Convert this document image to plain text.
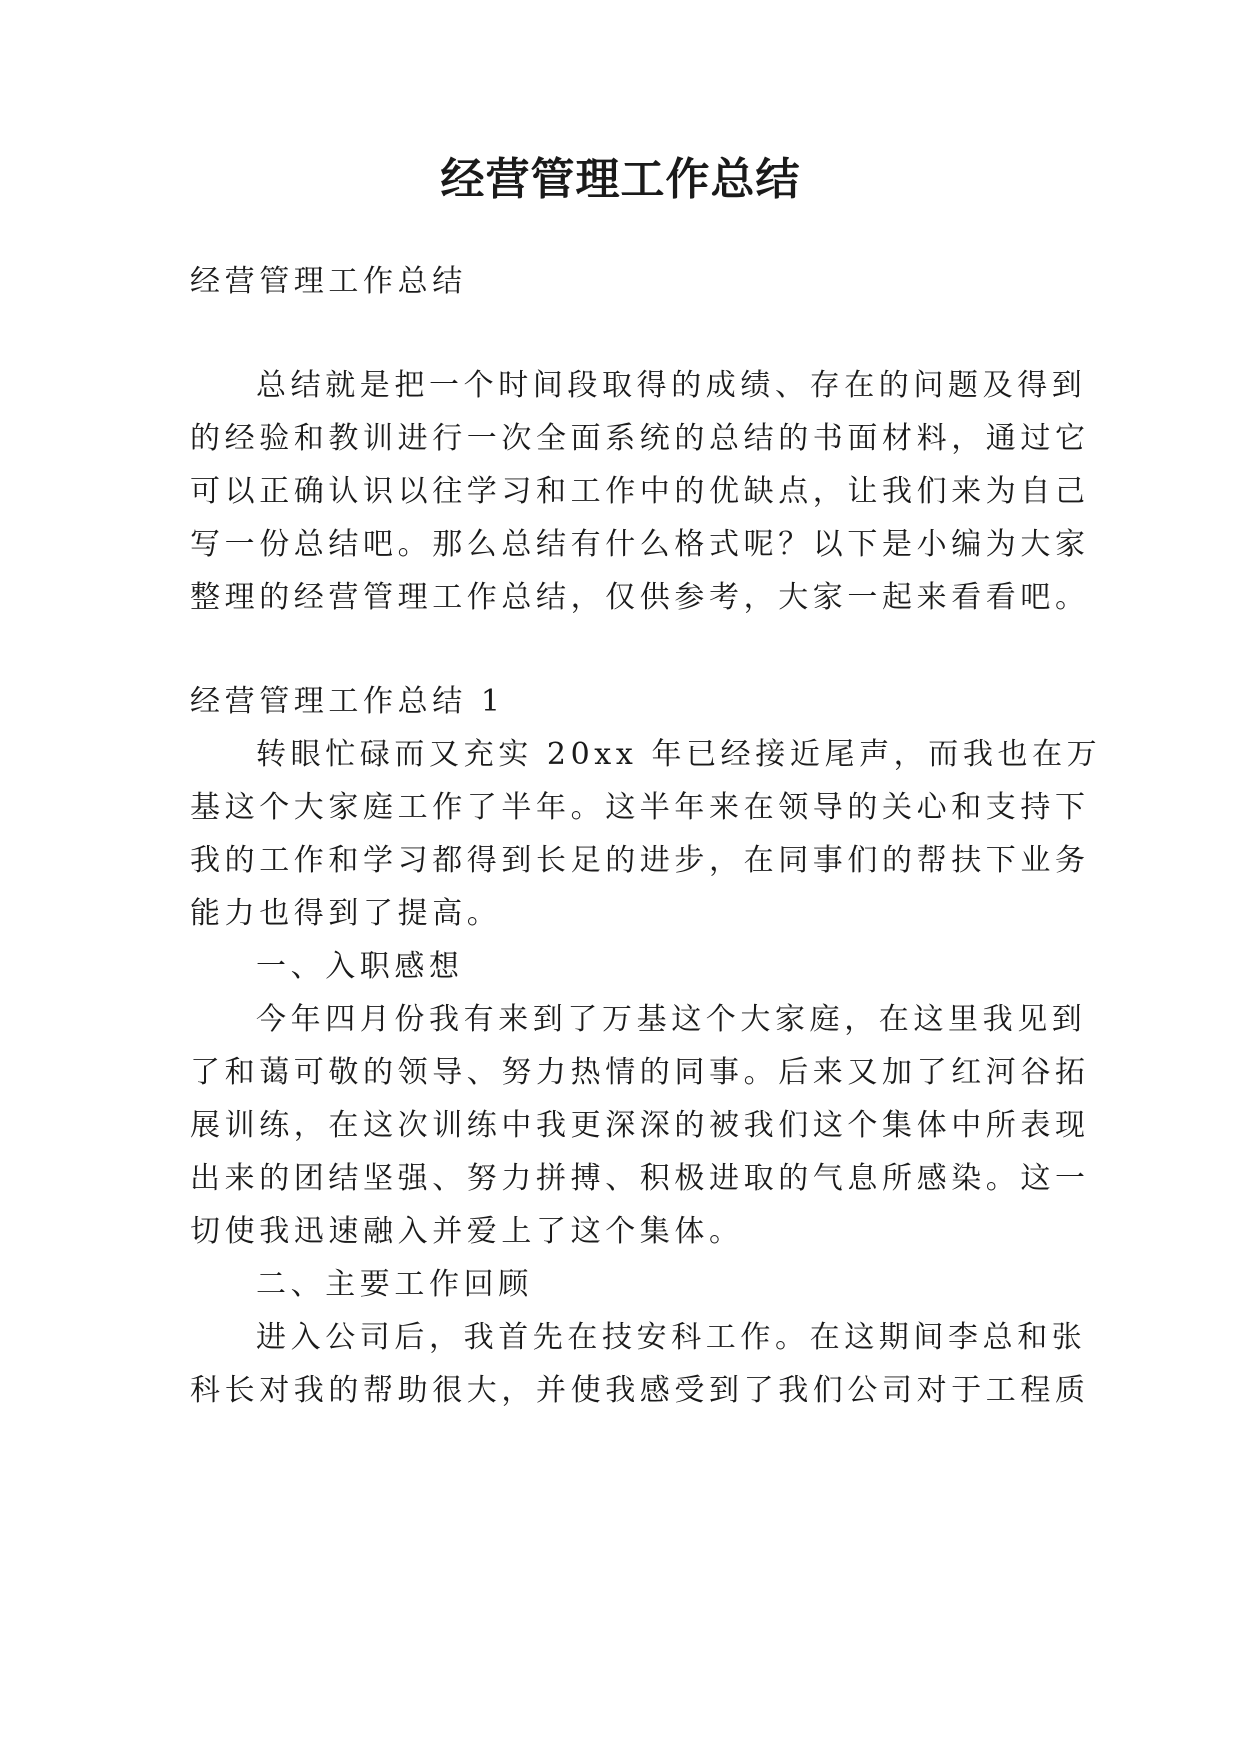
经营管理工作总结
经营管理工作总结
总结就是把一个时间段取得的成绩、存在的问题及得到
的经验和教训进行一次全面系统的总结的书面材料，通过它
可以正确认识以往学习和工作中的优缺点，让我们来为自己
写一份总结吧。那么总结有什么格式呢？以下是小编为大家
整理的经营管理工作总结，仅供参考，大家一起来看看吧。
经营管理工作总结 1
转眼忙碌而又充实 20xx 年已经接近尾声，而我也在万
基这个大家庭工作了半年。这半年来在领导的关心和支持下
我的工作和学习都得到长足的进步，在同事们的帮扶下业务
能力也得到了提高。
一、入职感想
今年四月份我有来到了万基这个大家庭，在这里我见到
了和蔼可敬的领导、努力热情的同事。后来又加了红河谷拓
展训练，在这次训练中我更深深的被我们这个集体中所表现
出来的团结坚强、努力拼搏、积极进取的气息所感染。这一
切使我迅速融入并爱上了这个集体。
二、主要工作回顾
进入公司后，我首先在技安科工作。在这期间李总和张
科长对我的帮助很大，并使我感受到了我们公司对于工程质
